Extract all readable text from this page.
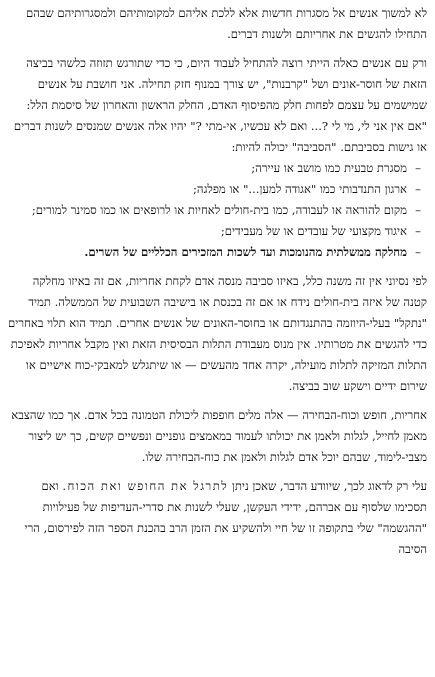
לא למשוך אנשים אל מסגרות חדשות אלא ללכת אליהם למקומותיהם ולמסגרותיהם שבהם התחילו להגשים את אחריותם ולשנות דברים.

ורק עם אנשים כאלה הייתי רוצה להתחיל לעבוד היום, כי כדי שתורגש תזוזה כלשהי בביצה הזאת של חוסר-אונים ושל "קרבנות", יש צורך במנוף חזק תחילה. אני חושבת על אנשים שמישמים על עצמם לפחות חלק מהפיסוף האדם, החלק הראשון והאחרון של סיסמת הלל: "אם אין אני לי, מי לי ?... ואם לא עכשיו, אי-מתי ?" יהיו אלה אנשים שמנסים לשנות דברים או גישות בסביבתם. "הסביבה" יכולה להיות:

–
מסגרת טבעית כמו מושב או עיירה;
–
ארגון התנדבותי כמו "אגודה למען..." או מפלגה;
–
מקום להוראה או לעבודה, כמו בית-חולים לאחיות או לרופאים או כמו סמינר למורים;
–
איגוד מקצועי של עובדים או של מעבידים;
–
מחלקה ממשלתית מהנומכות ועד לשכות המזכירים הכלליים של השרים.

לפי נסיוני אין זה משנה כלל, באיזו סביבה מנסה אדם לקחת אחריות, אם זה באיזו מחלקה קטנה של איזה בית-חולים נידח או אם זה בכנסת או בישיבה השבועית של הממשלה. תמיד "נתקל" בעלי-היוזמה בהתנגדותם או בחוסר-האונים של אנשים אחרים. תמיד הוא תלוי באחרים כדי להגשים את מטרותיו. אין מנוס מעבודת התלות הבסיסית הזאת ואין מקבל אחריות לאפיכת התלות המזיקה לתלות מועילה, יקרה אחד מהעשים — או שיתגלש למאבקי-כוח אישיים או שירום ידיים וישקע שוב בביצה.

אחריות, חופש וכוח-הבחירה — אלה מלים חופפות ליכולת הטמונה בכל אדם. אך כמו שהצבא מאמן לחייל, לגלות ולאמן את יכולתו לעמוד במאמצים גופניים ונפשיים קשים, כך יש ליצור מצבי-לימוד, שבהם יוכל אדם לגלות ולאמן את כוח-הבחירה שלו.

עלי רק לדאוג לכך, שיוודע הדבר, שאכן ניתן לתרגל את החופש ואת הכוח. ואם תסכימו שלסוף עם אברהם, ידידי העקשן, שעלי לשנות את סדרי-העדיפות של פעילויות "ההגשמה" שלי בתקופה זו של חיי ולהשקיע את הזמן הרב בהכנת הספר הזה לפירסום, הרי הסיבה
